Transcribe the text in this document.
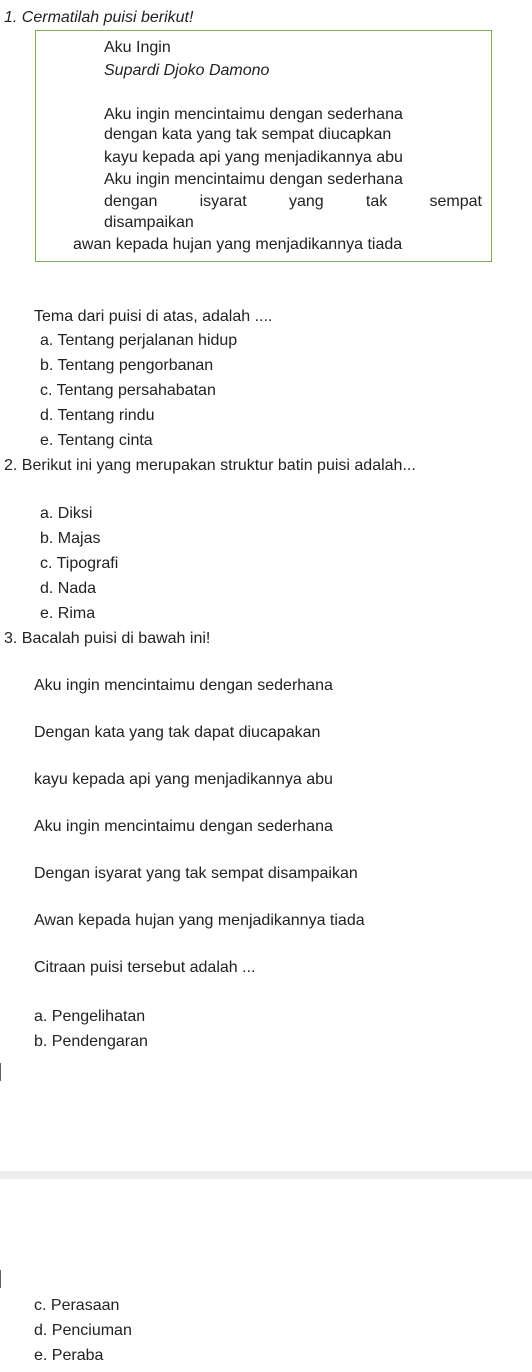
1. Cermatilah puisi berikut!
Aku Ingin
Supardi Djoko Damono
Aku ingin mencintaimu dengan sederhana
dengan kata yang tak sempat diucapkan
kayu kepada api yang menjadikannya abu
Aku ingin mencintaimu dengan sederhana
dengan	isyarat	yang	tak	sempat
disampaikan
awan kepada hujan yang menjadikannya tiada
Tema dari puisi di atas, adalah ....
a. Tentang perjalanan hidup
b. Tentang pengorbanan
c. Tentang persahabatan
d. Tentang rindu
e. Tentang cinta
2. Berikut ini yang merupakan struktur batin puisi adalah...
a. Diksi
b. Majas
c. Tipografi
d. Nada
e. Rima
3. Bacalah puisi di bawah ini!
Aku ingin mencintaimu dengan sederhana
Dengan kata yang tak dapat diucapakan
kayu kepada api yang menjadikannya abu
Aku ingin mencintaimu dengan sederhana
Dengan isyarat yang tak sempat disampaikan
Awan kepada hujan yang menjadikannya tiada
Citraan puisi tersebut adalah ...
a. Pengelihatan
b. Pendengaran
c. Perasaan
d. Penciuman
e. Peraba
